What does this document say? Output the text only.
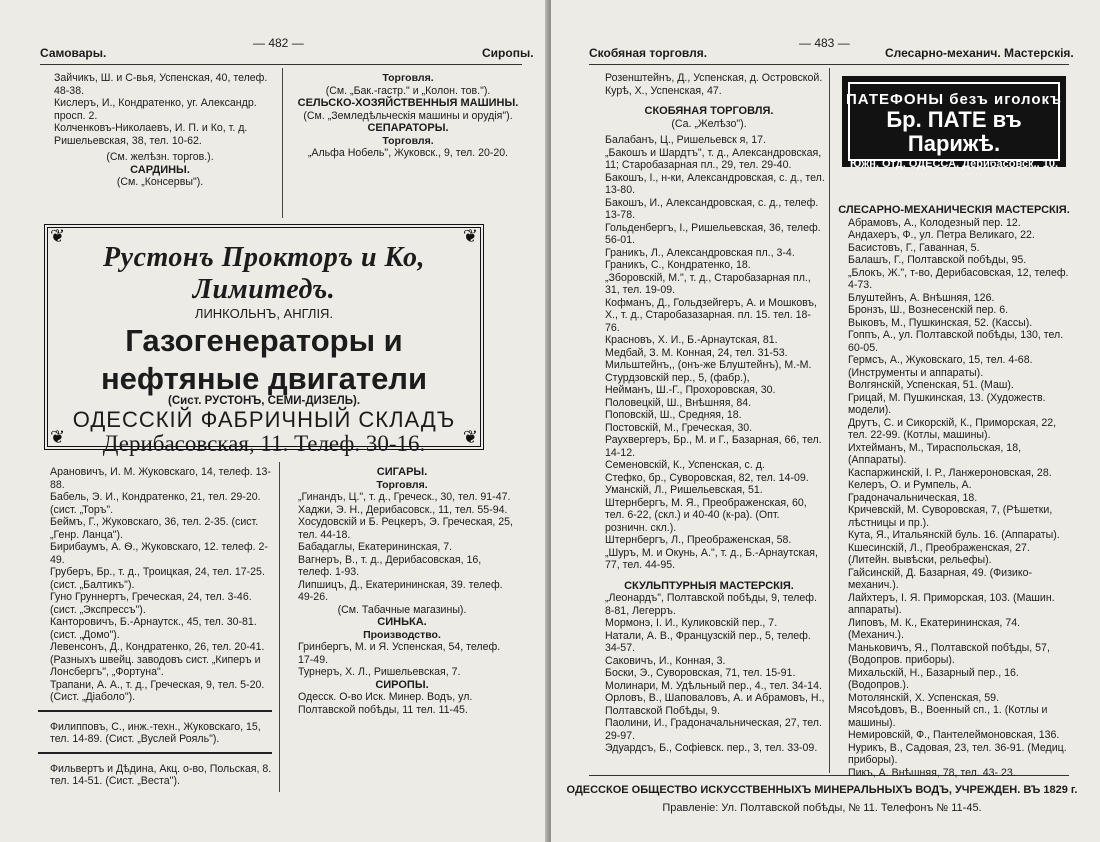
Самовары.
— 482 —
Сиропы.

Зайчикъ, Ш. и С-вья, Успенская, 40, телеф. 48-38.

Кислеръ, И., Кондратенко, уг. Александр. просп. 2.

Колченковъ-Николаевъ, И. П. и Ко, т. д. Ришельевская, 38, тел. 10-62.

(См. желѣзн. торгов.).

САРДИНЫ.

(См. „Консервы").

Торговля.

(См. „Бак.-гастр." и „Колон. тов.").

СЕЛЬСКО-ХОЗЯЙСТВЕННЫЯ МАШИНЫ.

(См. „Земледѣльческія машины и орудія").

СЕПАРАТОРЫ.

Торговля.

„Альфа Нобель", Жуковск., 9, тел. 20-20.

❦	❦
❦	❦
Рустонъ Прокторъ и Ко, Лимитедъ.
ЛИНКОЛЬНЪ, АНГЛІЯ.
Газогенераторы и
нефтяные двигатели
(Сист. РУСТОНЪ, СЕМИ-ДИЗЕЛЬ).
ОДЕССКІЙ ФАБРИЧНЫЙ СКЛАДЪ
Дерибасовская, 11. Телеф. 30-16.

Арановичъ, И. М. Жуковскаго, 14, телеф. 13-88.

Бабель, Э. И., Кондратенко, 21, тел. 29-20. (сист. „Торъ".

Беймъ, Г., Жуковскаго, 36, тел. 2-35. (сист. „Генр. Ланца").

Бирибаумъ, А. Ѳ., Жуковскаго, 12. телеф. 2-49.

Груберъ, Бр., т. д., Троицкая, 24, тел. 17-25. (сист. „Балтикъ").

Гуно Груннертъ, Греческая, 24, тел. 3-46. (сист. „Экспрессъ").

Канторовичъ, Б.-Арнаутск., 45, тел. 30-81. (сист. „Домо").

Левенсонъ, Д., Кондратенко, 26, тел. 20-41. (Разныхъ швейц. заводовъ сист. „Киперъ и Лонсбергъ", „Фортуна".

Трапани, А. А., т. д., Греческая, 9, тел. 5-20. (Сист. „Діаболо").

Филипповъ, С., инж.-техн., Жуковскаго, 15, тел. 14-89. (Сист. „Вуслей Рояль").

Фильвертъ и Дѣдина, Акц. о-во, Польская, 8. тел. 14-51. (Сист. „Веста").

СИГАРЫ.

Торговля.

„Гинандъ, Ц.", т. д., Греческ., 30, тел. 91-47.

Хаджи, Э. Н., Дерибасовск., 11, тел. 55-94.

Хосудовскій и Б. Рецкеръ, Э. Греческая, 25, тел. 44-18.

Бабадаглы, Екатерининская, 7.

Вагнеръ, В., т. д., Дерибасовская, 16, телеф. 1-93.

Липшицъ, Д., Екатерининская, 39. телеф. 49-26.

(См. Табачные магазины).

СИНЬКА.

Производство.

Гринбергъ, М. и Я. Успенская, 54, телеф. 17-49.

Турнеръ, Х. Л., Ришельевская, 7.

СИРОПЫ.

Одесск. О-во Иск. Минер. Водъ, ул. Полтавской побѣды, 11 тел. 11-45.

Скобяная торговля.
— 483 —
Слесарно-механич. Мастерскія.

Розенштейнъ, Д., Успенская, д. Островской.

Курѣ, Х., Успенская, 47.

СКОБЯНАЯ ТОРГОВЛЯ.

(Са. „Желѣзо").

Балабанъ, Ц., Ришельевск я, 17.

„Бакошъ и Шардтъ", т. д., Александровская, 11; Старобазарная пл., 29, тел. 29-40.

Бакошъ, І., н-ки, Александровская, с. д., тел. 13-80.

Бакошъ, И., Александровская, с. д., телеф. 13-78.

Гольденбергъ, І., Ришельевская, 36, телеф. 56-01.

Граникъ, Л., Александровская пл., 3-4.

Граникъ, С., Кондратенко, 18.

„Зборовскій, М.", т. д., Старобазарная пл., 31, тел. 19-09.

Кофманъ, Д., Гольдзейгеръ, А. и Мошковъ, Х., т. д., Старобазазарная. пл. 15. тел. 18-76.

Красновъ, Х. И., Б.-Арнаутская, 81.

Медбай, З. М. Конная, 24, тел. 31-53.

Мильштейнъ,, (онъ-же Блуштейнъ), М.-М. Стурдзовскій пер., 5, (фабр.),

Нейманъ, Ш.-Г., Прохоровская, 30.

Половецкій, Ш., Внѣшняя, 84.

Поповскій, Ш., Средняя, 18.

Постовскій, М., Греческая, 30.

Раухвергеръ, Бр., М. и Г., Базарная, 66, тел. 14-12.

Семеновскій, К., Успенская, с. д.

Стефко, бр., Суворовская, 82, тел. 14-09.

Уманскій, Л., Ришельевская, 51.

Штернбергъ, М. Я., Преображенская, 60, тел. 6-22, (скл.) и 40-40 (к-ра). (Опт. розничн. скл.).

Штернбергъ, Л., Преображенская, 58.

„Шуръ, М. и Окунь, А.", т. д., Б.-Арнаутская, 77, тел. 44-95.

СКУЛЬПТУРНЫЯ МАСТЕРСКІЯ.

„Леонардъ", Полтавской побѣды, 9, телеф. 8-81, Легерръ.

Мормонэ, І. И., Куликовскій пер., 7.

Натали, А. В., Французскій пер., 5, телеф. 34-57.

Саковичъ, И., Конная, 3.

Боски, Э., Суворовская, 71, тел. 15-91.

Молинари, М. Удѣльный пер., 4., тел. 34-14.

Орловъ, В., Шаповаловъ, А. и Абрамовъ, Н., Полтавской Побѣды, 9.

Паолини, И., Градоначальническая, 27, тел. 29-97.

Эдуардсъ, Б., Софіевск. пер., 3, тел. 33-09.

ПАТЕФОНЫ безъ иголокъ
Бр. ПАТЕ въ Парижѣ.
Южн. Отд. ОДЕССА, Дерибасовск., 10.

СЛЕСАРНО-МЕХАНИЧЕСКІЯ МАСТЕРСКІЯ.

Абрамовъ, А., Колодезный пер. 12.

Андахеръ, Ф., ул. Петра Великаго, 22.

Басистовъ, Г., Гаванная, 5.

Балашъ, Г., Полтавской побѣды, 95.

„Блокъ, Ж.", т-во, Дерибасовская, 12, телеф. 4-73.

Блуштейнъ, А. Внѣшняя, 126.

Бронзъ, Ш., Вознесенскій пер. 6.

Выковъ, М., Пушкинская, 52. (Кассы).

Гоппъ, А., ул. Полтавской побѣды, 130, тел. 60-05.

Гермсъ, А., Жуковскаго, 15, тел. 4-68. (Инструменты и аппараты).

Волгянскій, Успенская, 51. (Маш).

Грицай, М. Пушкинская, 13. (Художеств. модели).

Друтъ, С. и Сикорскій, К., Приморская, 22, тел. 22-99. (Котлы, машины).

Ихтейманъ, М., Тираспольская, 18, (Аппараты).

Каспаржинскій, І. Р., Ланжероновская, 28.

Келеръ, О. и Румпель, А. Градоначальническая, 18.

Кричевскій, М. Суворовская, 7, (Рѣшетки, лѣстницы и пр.).

Кута, Я., Итальянскій буль. 16. (Аппараты).

Кшесинскій, Л., Преображенская, 27. (Литейн. вывѣски, рельефы).

Гайсинскій, Д. Базарная, 49. (Физико-механич.).

Лайхтеръ, І. Я. Приморская, 103. (Машин. аппараты).

Липовъ, М. К., Екатерининская, 74. (Механич.).

Маньковичъ, Я., Полтавской побѣды, 57, (Водопров. приборы).

Михальскій, Н., Базарный пер., 16. (Водопров.).

Мотолянскій, Х. Успенская, 59.

Мясоѣдовъ, В., Военный сп., 1. (Котлы и машины).

Немировскій, Ф., Пантелеймоновская, 136.

Нурикъ, В., Садовая, 23, тел. 36-91. (Медиц. приборы).

Пикъ, А. Внѣшняя, 78, тел. 43- 23.

ОДЕССКОЕ ОБЩЕСТВО ИСКУССТВЕННЫХЪ МИНЕРАЛЬНЫХЪ ВОДЪ, УЧРЕЖДЕН. ВЪ 1829 г.
Правленіе: Ул. Полтавской побѣды, № 11. Телефонъ № 11-45.
